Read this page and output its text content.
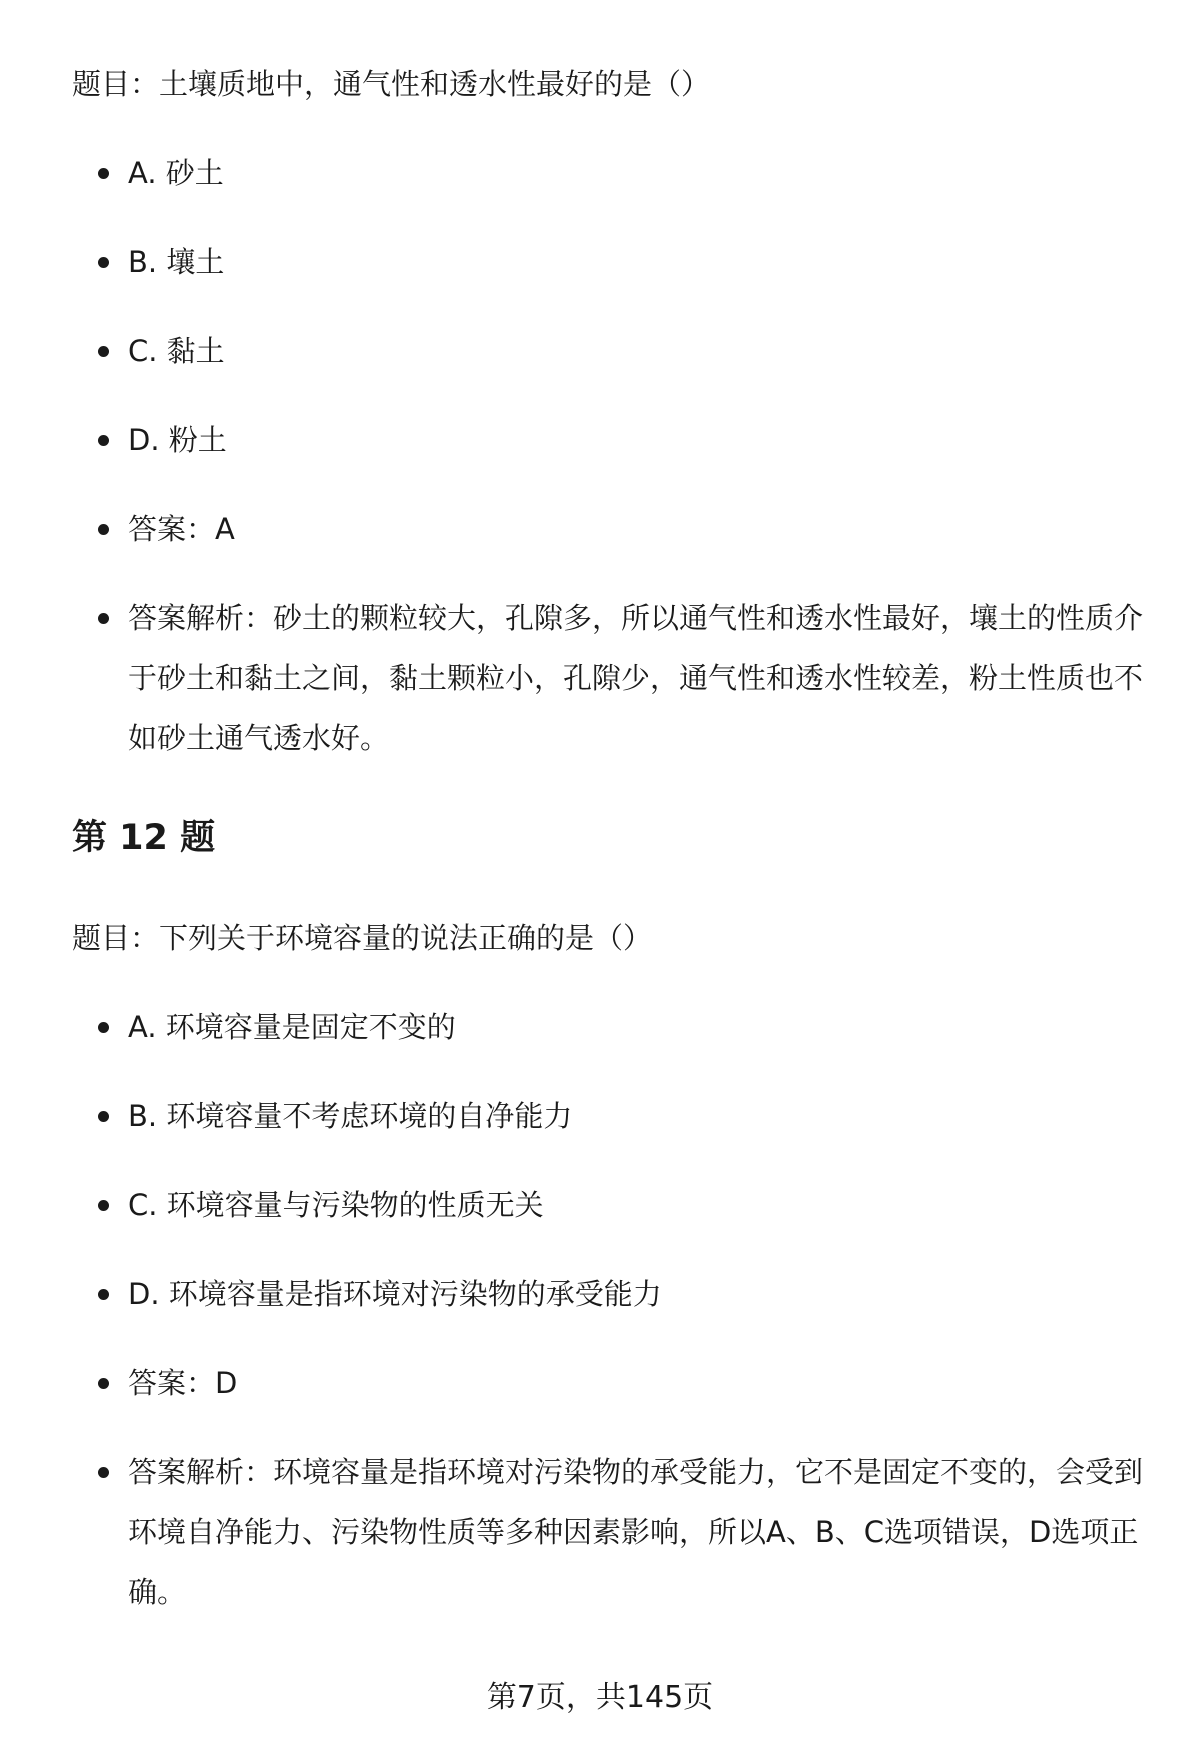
题目：土壤质地中，通气性和透水性最好的是（）

A. 砂土
B. 壤土
C. 黏土
D. 粉土
答案：A
答案解析：砂土的颗粒较大，孔隙多，所以通气性和透水性最好，壤土的性质介于砂土和黏土之间，黏土颗粒小，孔隙少，通气性和透水性较差，粉土性质也不如砂土通气透水好。

第 12 题

题目：下列关于环境容量的说法正确的是（）

A. 环境容量是固定不变的
B. 环境容量不考虑环境的自净能力
C. 环境容量与污染物的性质无关
D. 环境容量是指环境对污染物的承受能力
答案：D
答案解析：环境容量是指环境对污染物的承受能力，它不是固定不变的，会受到环境自净能力、污染物性质等多种因素影响，所以A、B、C选项错误，D选项正确。
第7页，共145页
